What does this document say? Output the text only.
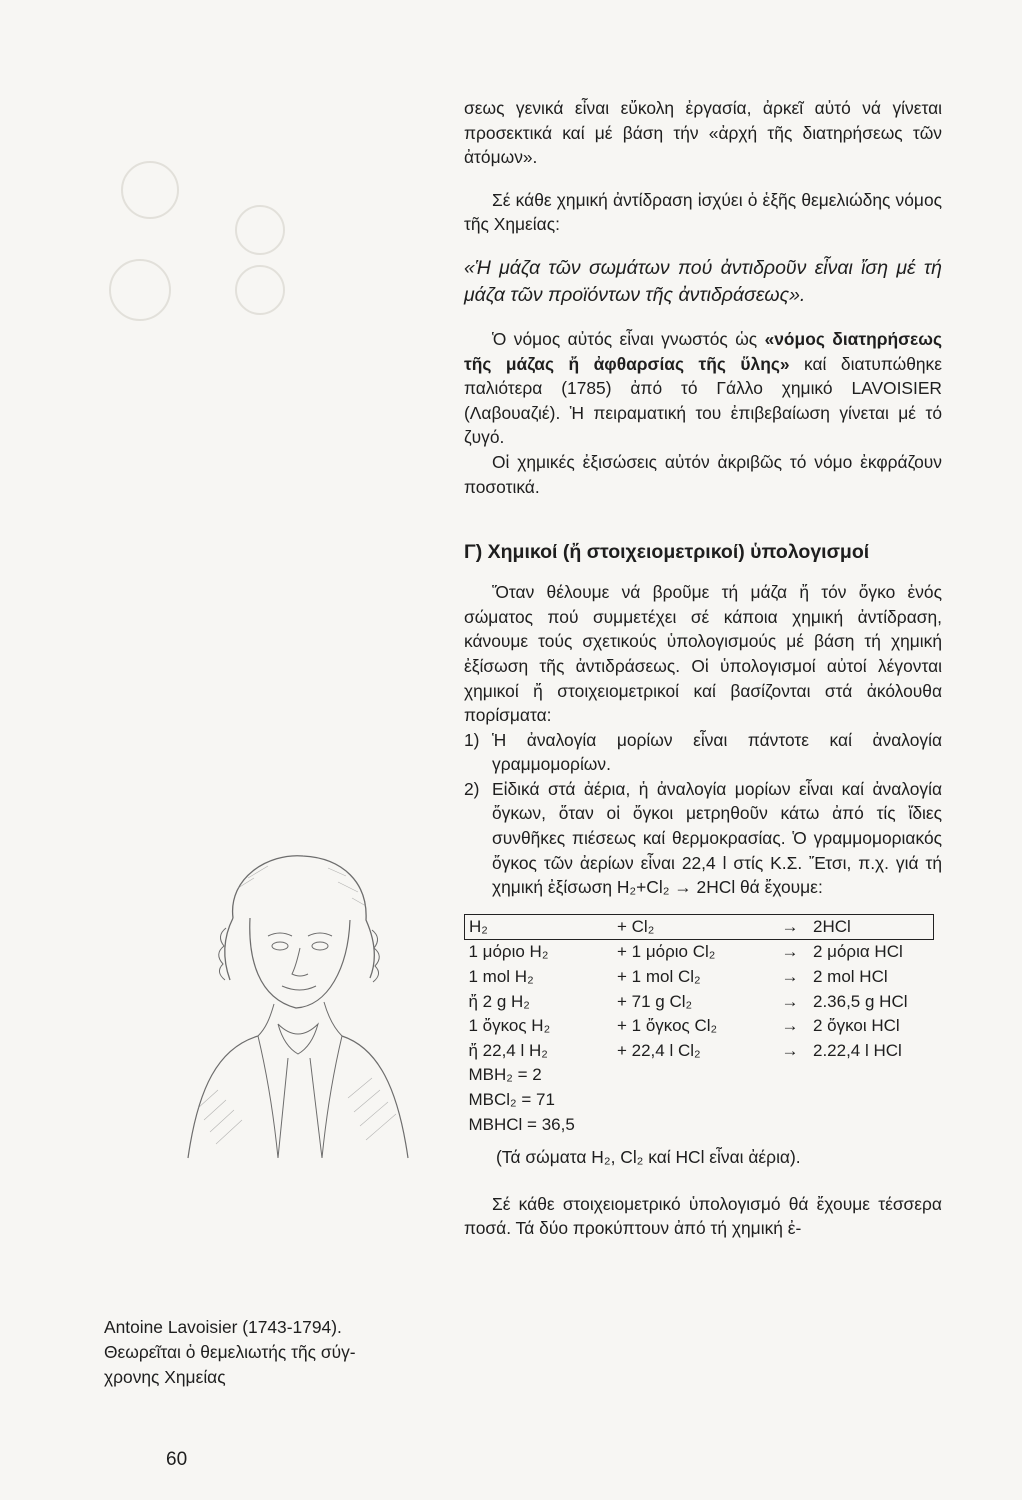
σεως γενικά εἶναι εὔκολη ἐργασία, ἀρκεῖ αὐτό νά γίνεται προσεκτικά καί μέ βάση τήν «ἀρχή τῆς διατηρήσεως τῶν ἀτόμων».

Σέ κάθε χημική ἀντίδραση ἰσχύει ὁ ἑξῆς θεμελιώδης νόμος τῆς Χημείας:

«Ἡ μάζα τῶν σωμάτων πού ἀντιδροῦν εἶναι ἴση μέ τή μάζα τῶν προϊόντων τῆς ἀντιδράσεως».

Ὁ νόμος αὐτός εἶναι γνωστός ὡς «νόμος διατηρήσεως τῆς μάζας ἤ ἀφθαρσίας τῆς ὕλης» καί διατυπώθηκε παλιότερα (1785) ἀπό τό Γάλλο χημικό LAVOISIER (Λαβουαζιέ). Ἡ πειραματική του ἐπιβεβαίωση γίνεται μέ τό ζυγό.

Οἱ χημικές ἐξισώσεις αὐτόν ἀκριβῶς τό νόμο ἐκφράζουν ποσοτικά.

Γ) Χημικοί (ἤ στοιχειομετρικοί) ὑπολογισμοί

Ὅταν θέλουμε νά βροῦμε τή μάζα ἤ τόν ὄγκο ἑνός σώματος πού συμμετέχει σέ κάποια χημική ἀντίδραση, κάνουμε τούς σχετικούς ὑπολογισμούς μέ βάση τή χημική ἐξίσωση τῆς ἀντιδράσεως. Οἱ ὑπολογισμοί αὐτοί λέγονται χημικοί ἤ στοιχειομετρικοί καί βασίζονται στά ἀκόλουθα πορίσματα:

1) Ἡ ἀναλογία μορίων εἶναι πάντοτε καί ἀναλογία γραμμομορίων.
2) Εἰδικά στά ἀέρια, ἡ ἀναλογία μορίων εἶναι καί ἀναλογία ὄγκων, ὅταν οἱ ὄγκοι μετρηθοῦν κάτω ἀπό τίς ἴδιες συνθῆκες πιέσεως καί θερμοκρασίας. Ὁ γραμμομοριακός ὄγκος τῶν ἀερίων εἶναι 22,4 l στίς Κ.Σ. Ἔτσι, π.χ. γιά τή χημική ἐξίσωση H₂+Cl₂ → 2HCl θά ἔχουμε:
H₂	+ Cl₂	→	2HCl
1 μόριο H₂	+ 1 μόριο Cl₂	→	2 μόρια HCl
1 mol H₂	+ 1 mol Cl₂	→	2 mol HCl
ἤ 2 g H₂	+ 71 g Cl₂	→	2.36,5 g HCl
1 ὄγκος H₂	+ 1 ὄγκος Cl₂	→	2 ὄγκοι HCl
ἤ 22,4 l H₂	+ 22,4 l Cl₂	→	2.22,4 l HCl
MBH₂ = 2			
MBCl₂ = 71			
MBHCl = 36,5			

(Τά σώματα H₂, Cl₂ καί HCl εἶναι ἀέρια).

Σέ κάθε στοιχειομετρικό ὑπολογισμό θά ἔχουμε τέσσερα ποσά. Τά δύο προκύπτουν ἀπό τή χημική ἐ-

Antoine Lavoisier (1743-1794).
Θεωρεῖται ὁ θεμελιωτής τῆς σύγ-
χρονης Χημείας
60
